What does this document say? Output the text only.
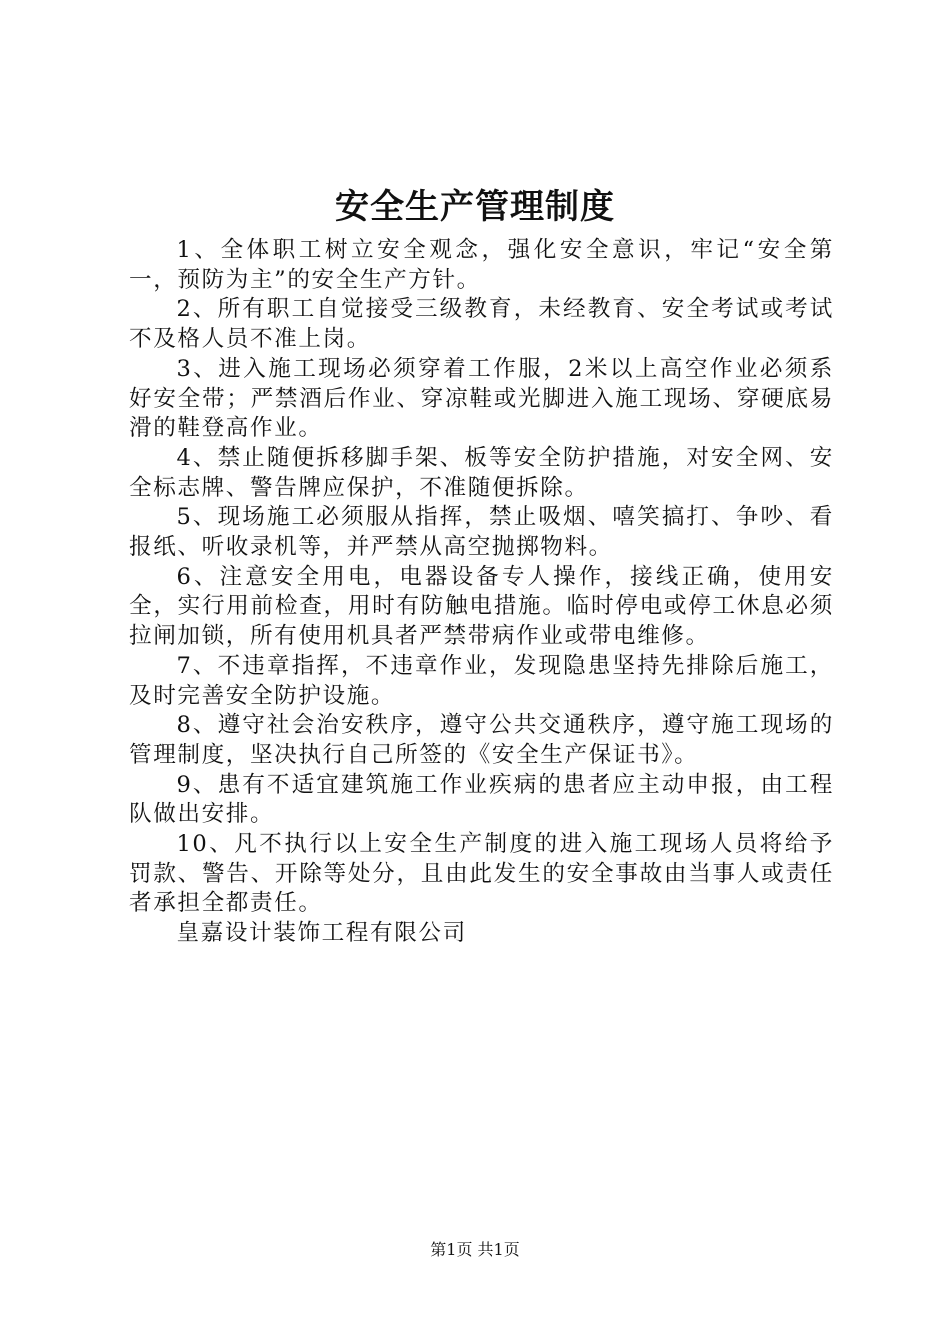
安全生产管理制度

1、全体职工树立安全观念，强化安全意识，牢记“安全第一，预防为主”的安全生产方针。

2、所有职工自觉接受三级教育，未经教育、安全考试或考试不及格人员不准上岗。

3、进入施工现场必须穿着工作服，2米以上高空作业必须系好安全带；严禁酒后作业、穿凉鞋或光脚进入施工现场、穿硬底易滑的鞋登高作业。

4、禁止随便拆移脚手架、板等安全防护措施，对安全网、安全标志牌、警告牌应保护，不准随便拆除。

5、现场施工必须服从指挥，禁止吸烟、嘻笑搞打、争吵、看报纸、听收录机等，并严禁从高空抛掷物料。

6、注意安全用电，电器设备专人操作，接线正确，使用安全，实行用前检查，用时有防触电措施。临时停电或停工休息必须拉闸加锁，所有使用机具者严禁带病作业或带电维修。

7、不违章指挥，不违章作业，发现隐患坚持先排除后施工，及时完善安全防护设施。

8、遵守社会治安秩序，遵守公共交通秩序，遵守施工现场的管理制度，坚决执行自己所签的《安全生产保证书》。

9、患有不适宜建筑施工作业疾病的患者应主动申报，由工程队做出安排。

10、凡不执行以上安全生产制度的进入施工现场人员将给予罚款、警告、开除等处分，且由此发生的安全事故由当事人或责任者承担全都责任。

皇嘉设计装饰工程有限公司

第1页 共1页
